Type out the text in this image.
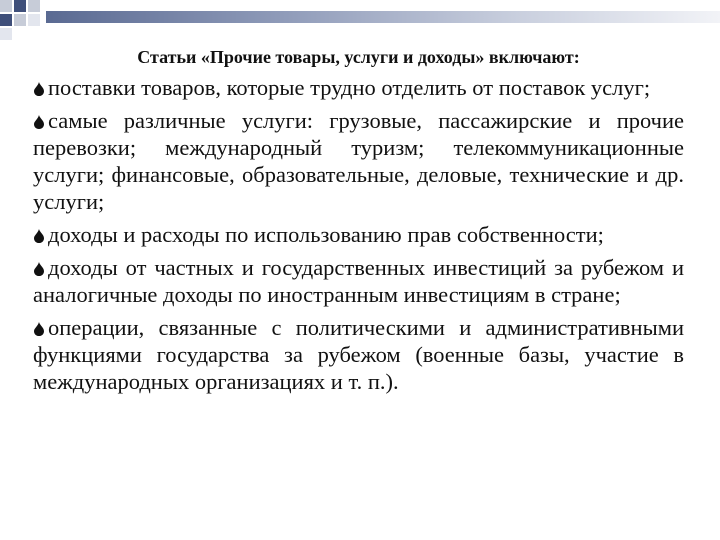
Статьи «Прочие товары, услуги и доходы» включают:
поставки товаров, которые трудно отделить от поставок услуг;
самые различные услуги: грузовые, пассажирские и прочие перевозки; международный туризм; телекоммуникационные услуги; финансовые, образовательные, деловые, технические и др. услуги;
доходы и расходы по использованию прав собственности;
доходы от частных и государственных инвестиций за рубежом и аналогичные доходы по иностранным инвестициям в стране;
операции, связанные с политическими и административными функциями государства за рубежом (военные базы, участие в международных организациях и т. п.).
